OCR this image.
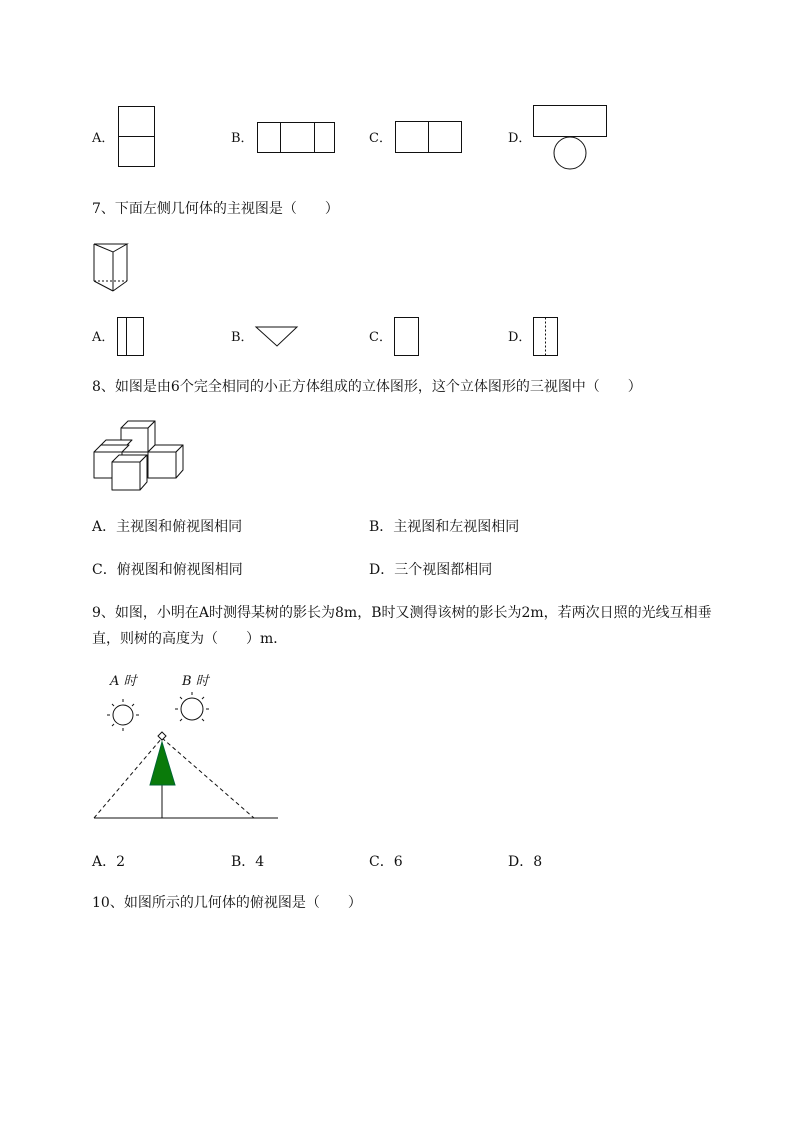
A．	B．	C．	D．
7、下面左侧几何体的主视图是（　　）
A．	B．	C．	D．
8、如图是由6个完全相同的小正方体组成的立体图形，这个立体图形的三视图中（　　）
A．主视图和俯视图相同	B．主视图和左视图相同
C．俯视图和俯视图相同	D．三个视图都相同
9、如图，小明在A时测得某树的影长为8m，B时又测得该树的影长为2m，若两次日照的光线互相垂
直，则树的高度为（　　）m．
A 时	B 时
A．2	B．4	C．6	D．8
10、如图所示的几何体的俯视图是（　　）
